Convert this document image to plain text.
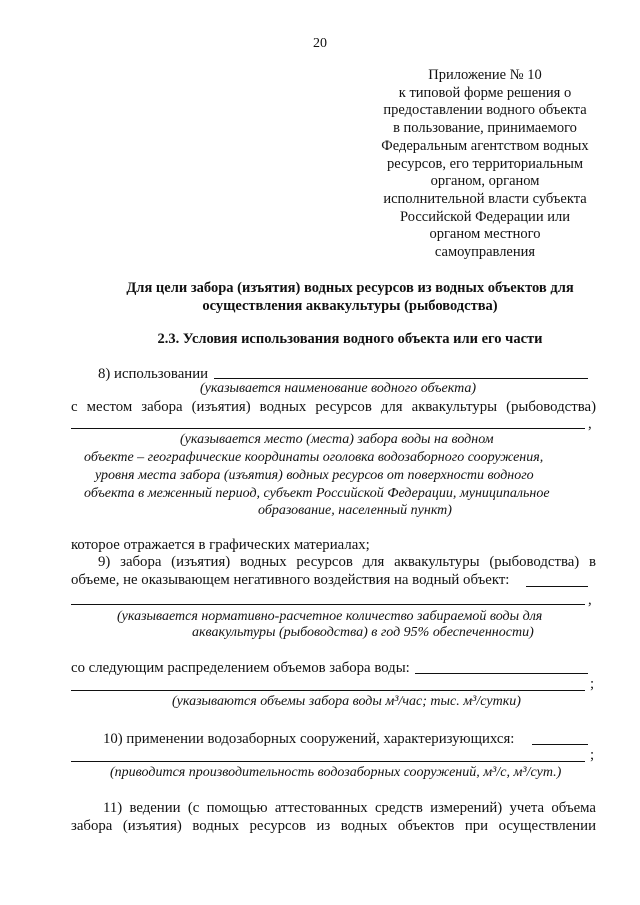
20
Приложение № 10
к типовой форме решения о
предоставлении водного объекта
в пользование, принимаемого
Федеральным агентством водных
ресурсов, его территориальным
органом, органом
исполнительной власти субъекта
Российской Федерации или
органом местного
самоуправления
Для цели забора (изъятия) водных ресурсов из водных объектов для
осуществления аквакультуры (рыбоводства)
2.3. Условия использования водного объекта или его части
8) использовании
(указывается наименование водного объекта)
с местом забора (изъятия) водных ресурсов для аквакультуры (рыбоводства)
,
(указывается место (места) забора воды на водном
объекте – географические координаты оголовка водозаборного сооружения,
уровня места забора (изъятия) водных ресурсов от поверхности водного
объекта в меженный период, субъект Российской Федерации, муниципальное
образование, населенный пункт)
которое отражается в графических материалах;
9) забора (изъятия) водных ресурсов для аквакультуры (рыбоводства) в
объеме, не оказывающем негативного воздействия на водный объект:
,
(указывается нормативно-расчетное количество забираемой воды для
аквакультуры (рыбоводства) в год 95% обеспеченности)
со следующим распределением объемов забора воды:
;
(указываются объемы забора воды м³/час; тыс. м³/сутки)
10) применении водозаборных сооружений, характеризующихся:
;
(приводится производительность водозаборных сооружений, м³/с, м³/сут.)
11) ведении (с помощью аттестованных средств измерений) учета объема
забора (изъятия) водных ресурсов из водных объектов при осуществлении
